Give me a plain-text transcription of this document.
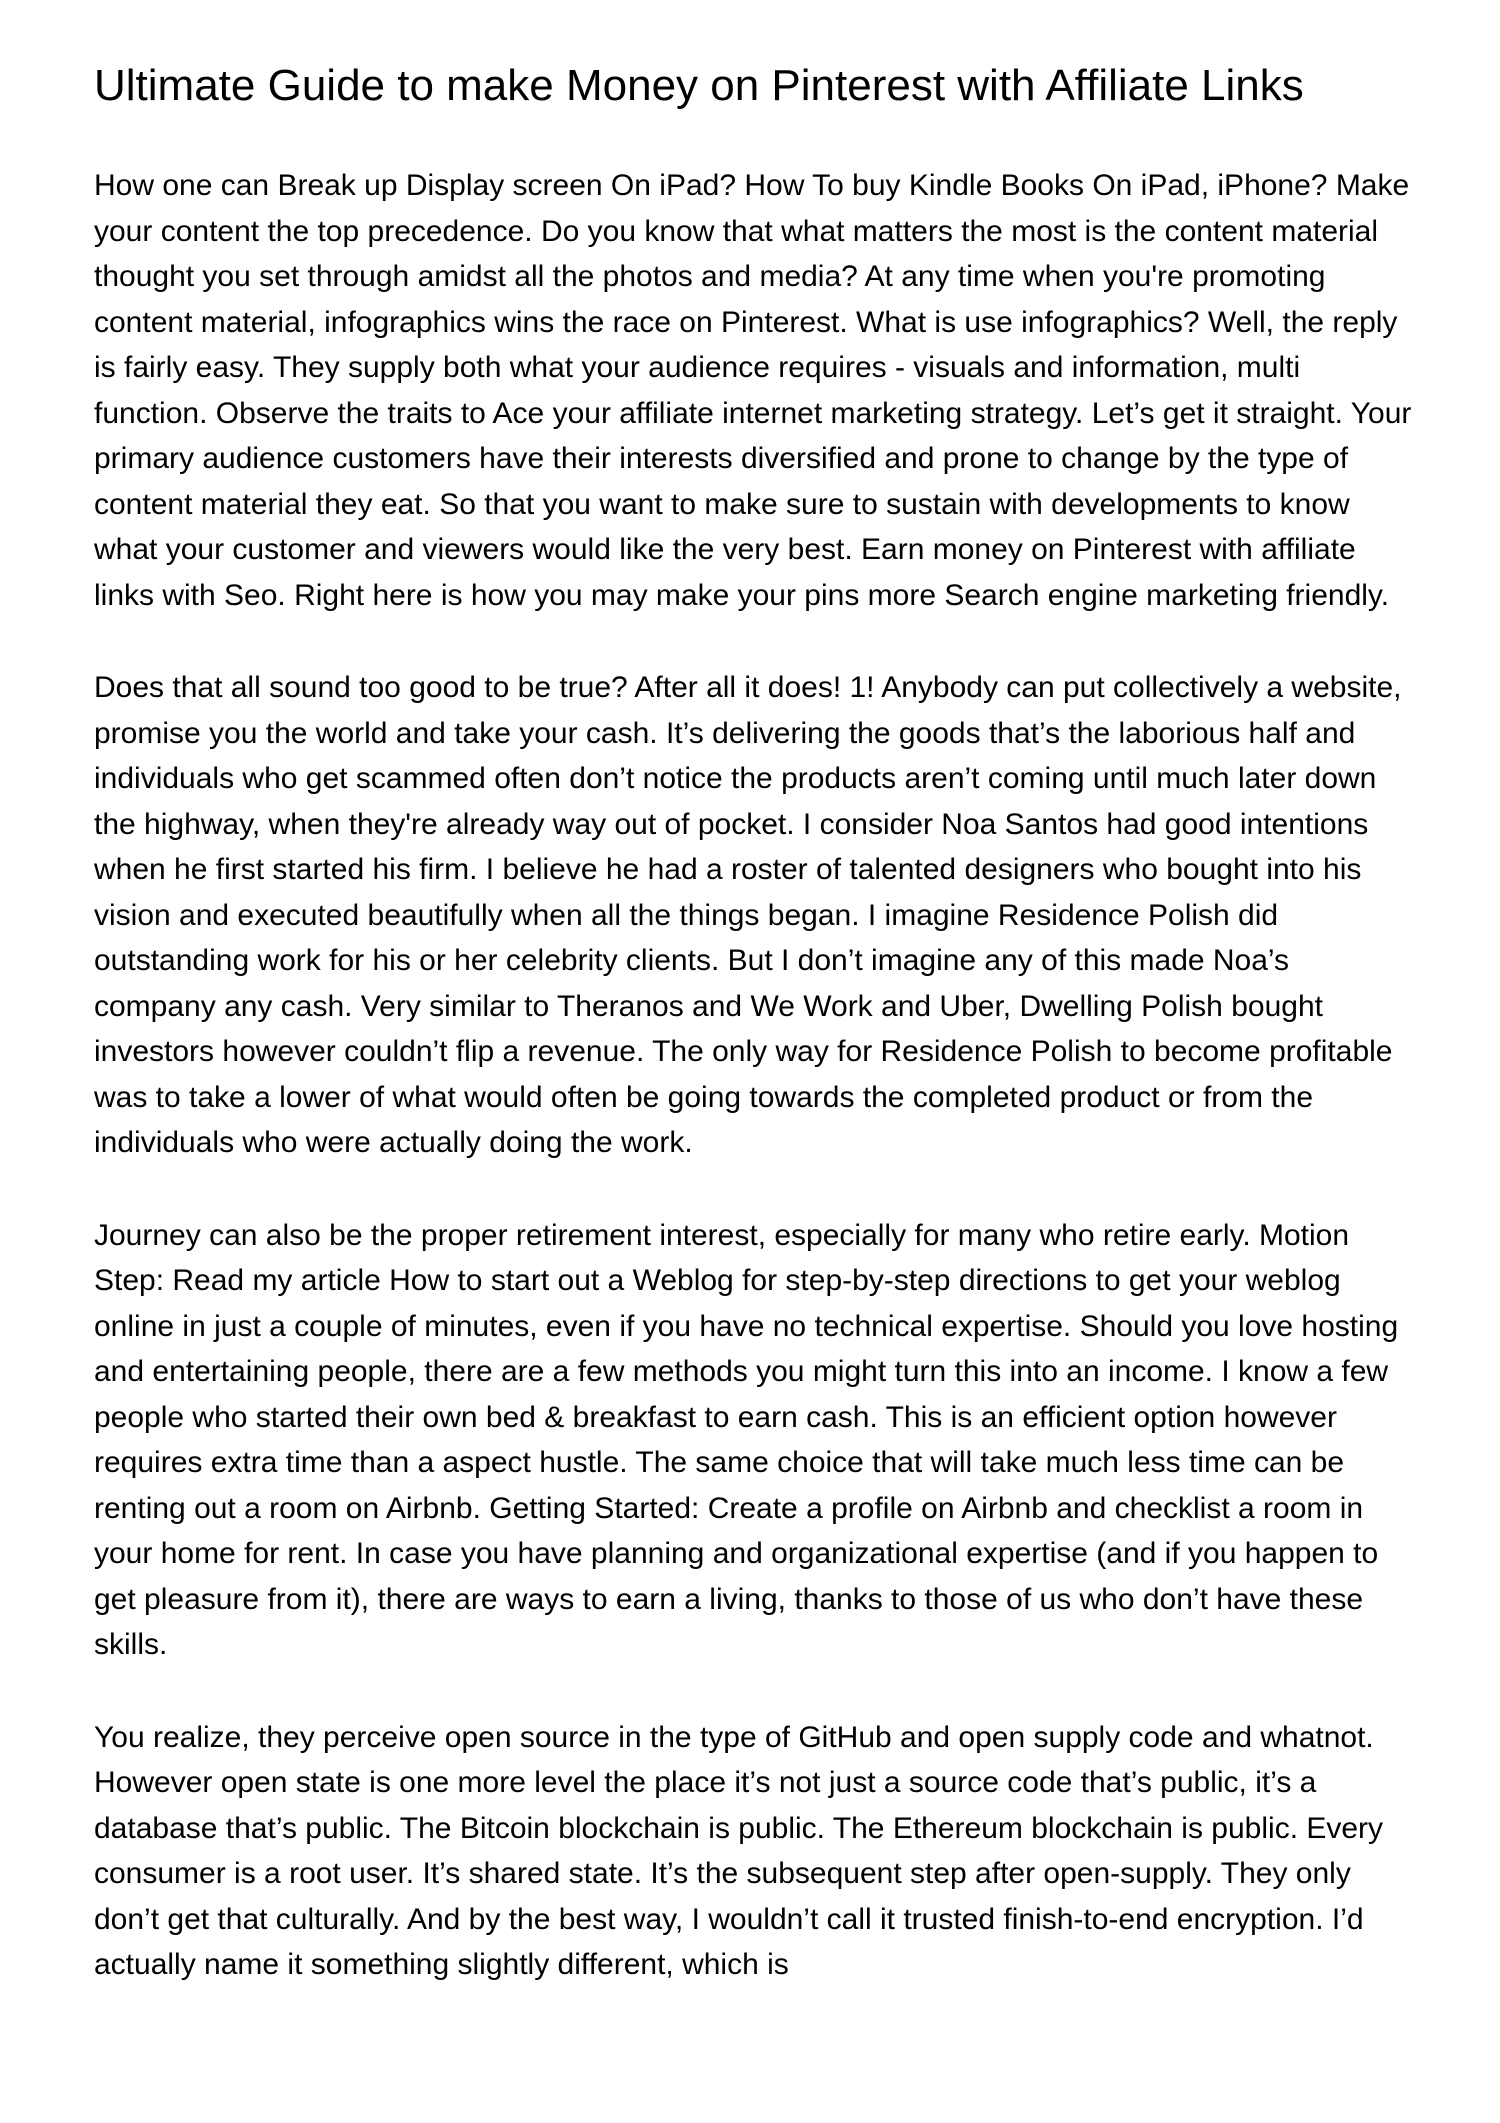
Ultimate Guide to make Money on Pinterest with Affiliate Links

How one can Break up Display screen On iPad? How To buy Kindle Books On iPad, iPhone? Make your content the top precedence. Do you know that what matters the most is the content material thought you set through amidst all the photos and media? At any time when you're promoting content material, infographics wins the race on Pinterest. What is use infographics? Well, the reply is fairly easy. They supply both what your audience requires - visuals and information, multi function. Observe the traits to Ace your affiliate internet marketing strategy. Let’s get it straight. Your primary audience customers have their interests diversified and prone to change by the type of content material they eat. So that you want to make sure to sustain with developments to know what your customer and viewers would like the very best. Earn money on Pinterest with affiliate links with Seo. Right here is how you may make your pins more Search engine marketing friendly.

Does that all sound too good to be true? After all it does! 1! Anybody can put collectively a website, promise you the world and take your cash. It’s delivering the goods that’s the laborious half and individuals who get scammed often don’t notice the products aren’t coming until much later down the highway, when they're already way out of pocket. I consider Noa Santos had good intentions when he first started his firm. I believe he had a roster of talented designers who bought into his vision and executed beautifully when all the things began. I imagine Residence Polish did outstanding work for his or her celebrity clients. But I don’t imagine any of this made Noa’s company any cash. Very similar to Theranos and We Work and Uber, Dwelling Polish bought investors however couldn’t flip a revenue. The only way for Residence Polish to become profitable was to take a lower of what would often be going towards the completed product or from the individuals who were actually doing the work.

Journey can also be the proper retirement interest, especially for many who retire early. Motion Step: Read my article How to start out a Weblog for step-by-step directions to get your weblog online in just a couple of minutes, even if you have no technical expertise. Should you love hosting and entertaining people, there are a few methods you might turn this into an income. I know a few people who started their own bed & breakfast to earn cash. This is an efficient option however requires extra time than a aspect hustle. The same choice that will take much less time can be renting out a room on Airbnb. Getting Started: Create a profile on Airbnb and checklist a room in your home for rent. In case you have planning and organizational expertise (and if you happen to get pleasure from it), there are ways to earn a living, thanks to those of us who don’t have these skills.

You realize, they perceive open source in the type of GitHub and open supply code and whatnot. However open state is one more level the place it’s not just a source code that’s public, it’s a database that’s public. The Bitcoin blockchain is public. The Ethereum blockchain is public. Every consumer is a root user. It’s shared state. It’s the subsequent step after open-supply. They only don’t get that culturally. And by the best way, I wouldn’t call it trusted finish-to-end encryption. I’d actually name it something slightly different, which is
